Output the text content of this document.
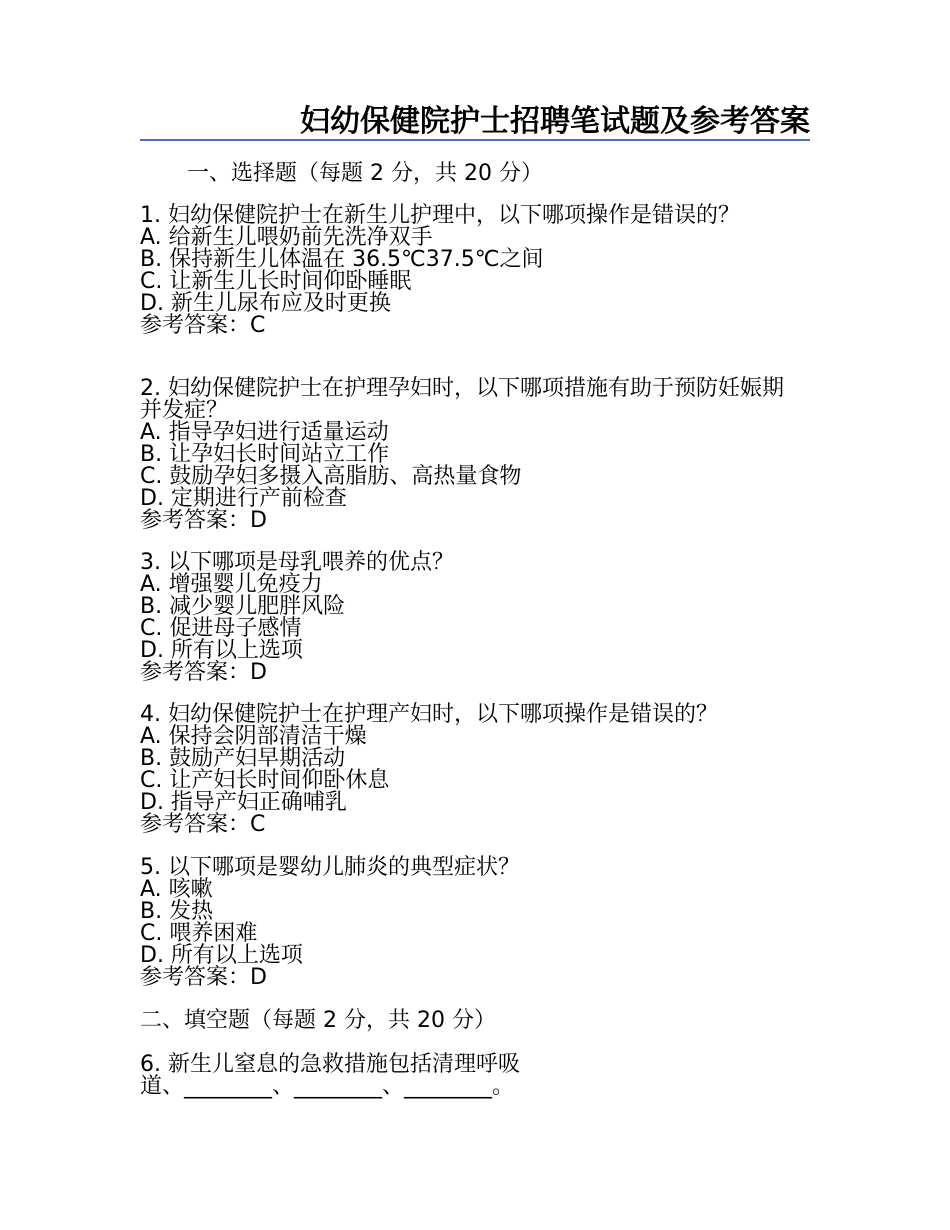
妇幼保健院护士招聘笔试题及参考答案
一、选择题（每题 2 分，共 20 分）
1. 妇幼保健院护士在新生儿护理中，以下哪项操作是错误的？
A. 给新生儿喂奶前先洗净双手
B. 保持新生儿体温在 36.5℃37.5℃之间
C. 让新生儿长时间仰卧睡眠
D. 新生儿尿布应及时更换
参考答案：C
2. 妇幼保健院护士在护理孕妇时，以下哪项措施有助于预防妊娠期并发症？
A. 指导孕妇进行适量运动
B. 让孕妇长时间站立工作
C. 鼓励孕妇多摄入高脂肪、高热量食物
D. 定期进行产前检查
参考答案：D
3. 以下哪项是母乳喂养的优点？
A. 增强婴儿免疫力
B. 减少婴儿肥胖风险
C. 促进母子感情
D. 所有以上选项
参考答案：D
4. 妇幼保健院护士在护理产妇时，以下哪项操作是错误的？
A. 保持会阴部清洁干燥
B. 鼓励产妇早期活动
C. 让产妇长时间仰卧休息
D. 指导产妇正确哺乳
参考答案：C
5. 以下哪项是婴幼儿肺炎的典型症状？
A. 咳嗽
B. 发热
C. 喂养困难
D. 所有以上选项
参考答案：D
二、填空题（每题 2 分，共 20 分）
6. 新生儿窒息的急救措施包括清理呼吸
道、________、________、________。
